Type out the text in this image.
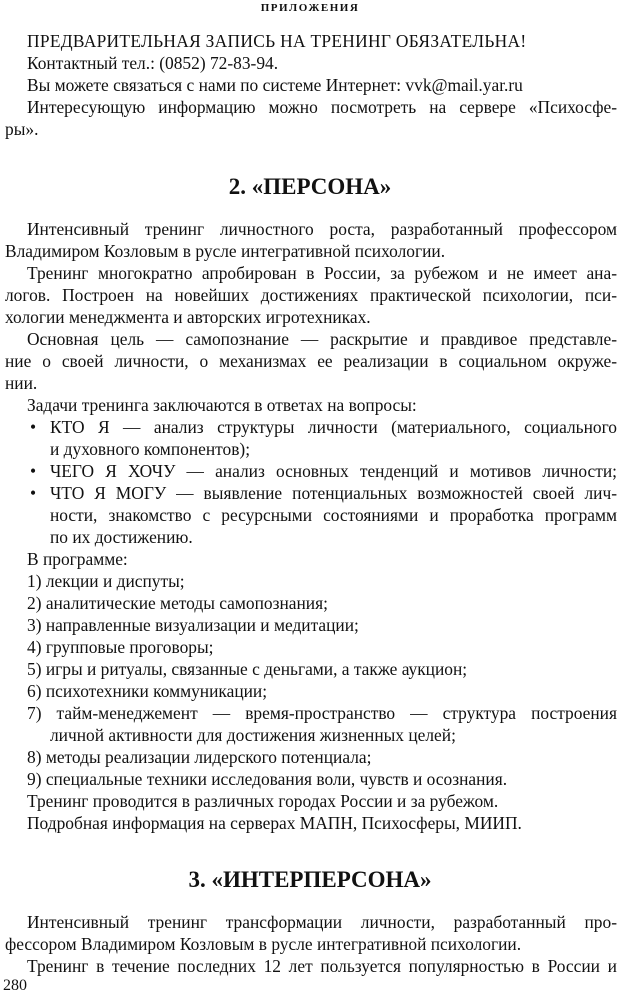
ПРИЛОЖЕНИЯ
ПРЕДВАРИТЕЛЬНАЯ ЗАПИСЬ НА ТРЕНИНГ ОБЯЗАТЕЛЬНА!
Контактный тел.: (0852) 72-83-94.
Вы можете связаться с нами по системе Интернет: vvk@mail.yar.ru
Интересующую информацию можно посмотреть на сервере «Психосфе-
ры».
2. «ПЕРСОНА»
Интенсивный тренинг личностного роста, разработанный профессором
Владимиром Козловым в русле интегративной психологии.
Тренинг многократно апробирован в России, за рубежом и не имеет ана-
логов. Построен на новейших достижениях практической психологии, пси-
хологии менеджмента и авторских игротехниках.
Основная цель — самопознание — раскрытие и правдивое представле-
ние о своей личности, о механизмах ее реализации в социальном окруже-
нии.
Задачи тренинга заключаются в ответах на вопросы:
• КТО Я — анализ структуры личности (материального, социального
и духовного компонентов);
• ЧЕГО Я ХОЧУ — анализ основных тенденций и мотивов личности;
• ЧТО Я МОГУ — выявление потенциальных возможностей своей лич-
ности, знакомство с ресурсными состояниями и проработка программ
по их достижению.
В программе:
1) лекции и диспуты;
2) аналитические методы самопознания;
3) направленные визуализации и медитации;
4) групповые проговоры;
5) игры и ритуалы, связанные с деньгами, а также аукцион;
6) психотехники коммуникации;
7) тайм-менеджемент — время-пространство — структура построения
личной активности для достижения жизненных целей;
8) методы реализации лидерского потенциала;
9) специальные техники исследования воли, чувств и осознания.
Тренинг проводится в различных городах России и за рубежом.
Подробная информация на серверах МАПН, Психосферы, МИИП.
3. «ИНТЕРПЕРСОНА»
Интенсивный тренинг трансформации личности, разработанный про-
фессором Владимиром Козловым в русле интегративной психологии.
Тренинг в течение последних 12 лет пользуется популярностью в России и
280
